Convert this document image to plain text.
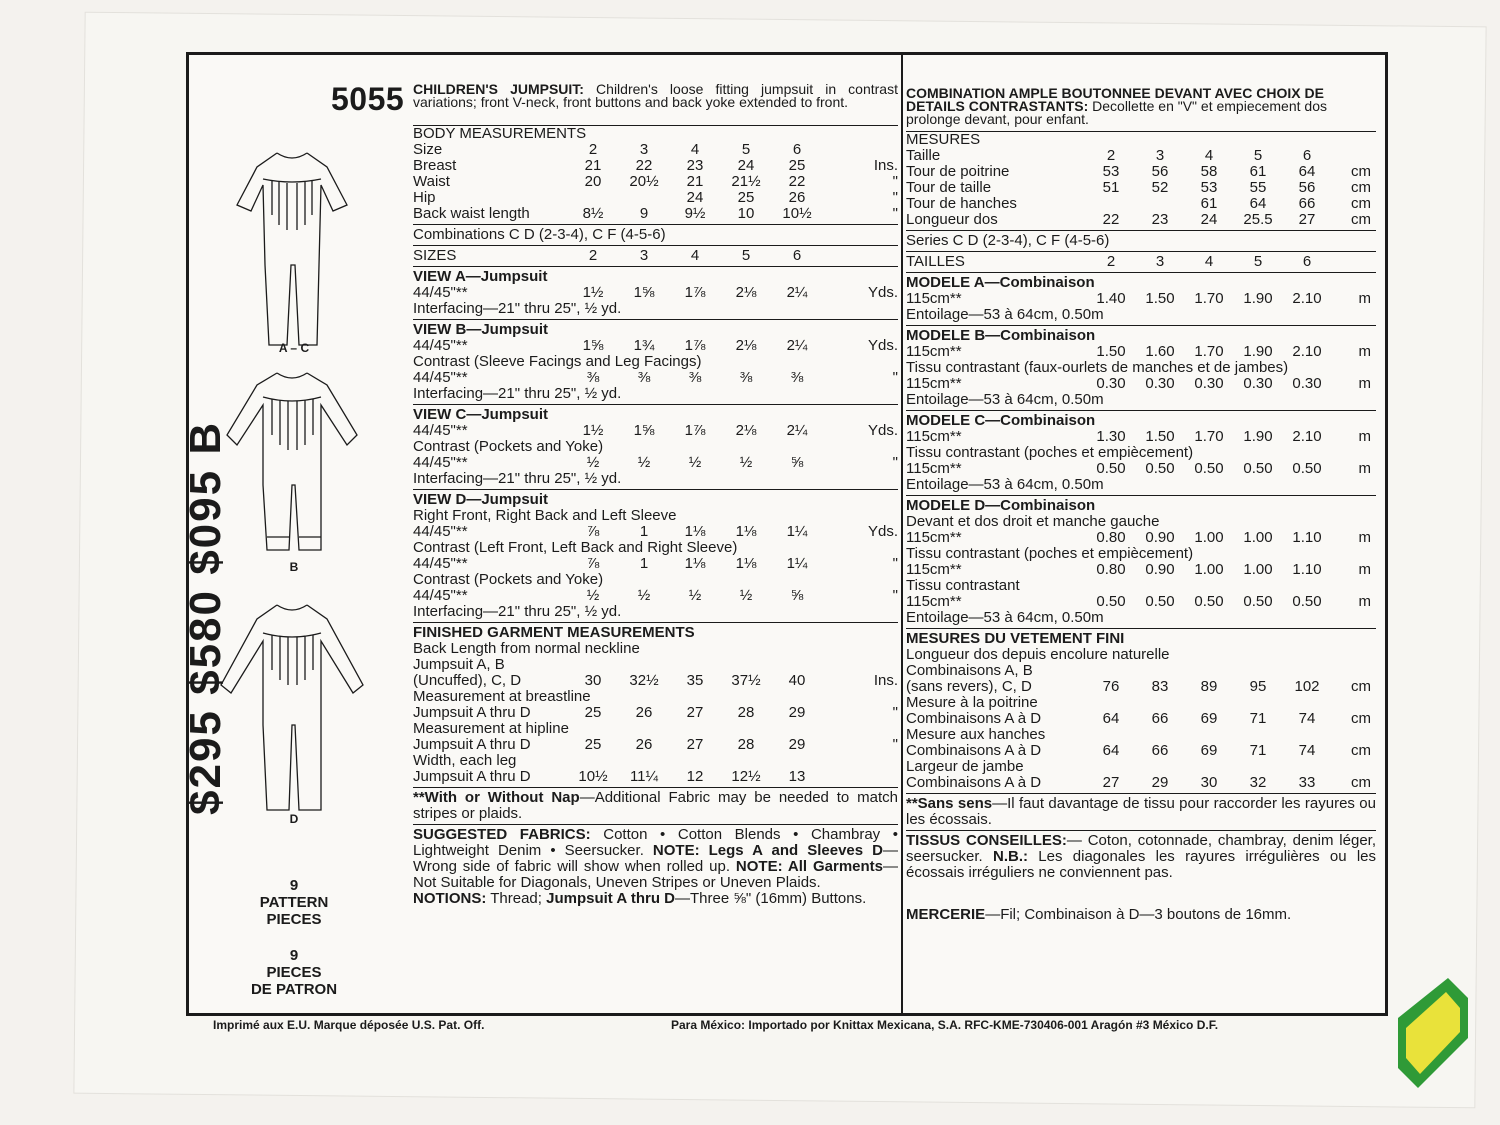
$295 $580 $095 B
A – C
B
D
9
PATTERN
PIECES
9
PIECES
DE PATRON
5055 CHILDREN'S JUMPSUIT: Children's loose fitting jumpsuit in contrast variations; front V-neck, front buttons and back yoke extended to front.
BODY MEASUREMENTS
Size	2	3	4	5	6
Breast	21	22	23	24	25	Ins.
Waist	20	20½	21	21½	22	"
Hip	24	25	26	"
Back waist length	8½	9	9½	10	10½	"
Combinations C D (2-3-4), C F (4-5-6)
SIZES	2	3	4	5	6
VIEW A—Jumpsuit
44/45"**	1½	1⅝	1⅞	2⅛	2¼	Yds.
Interfacing—21" thru 25", ½ yd.
VIEW B—Jumpsuit
44/45"**	1⅝	1¾	1⅞	2⅛	2¼	Yds.
Contrast (Sleeve Facings and Leg Facings)
44/45"**	⅜	⅜	⅜	⅜	⅜	"
Interfacing—21" thru 25", ½ yd.
VIEW C—Jumpsuit
44/45"**	1½	1⅝	1⅞	2⅛	2¼	Yds.
Contrast (Pockets and Yoke)
44/45"**	½	½	½	½	⅝	"
Interfacing—21" thru 25", ½ yd.
VIEW D—Jumpsuit
Right Front, Right Back and Left Sleeve
44/45"**	⅞	1	1⅛	1⅛	1¼	Yds.
Contrast (Left Front, Left Back and Right Sleeve)
44/45"**	⅞	1	1⅛	1⅛	1¼	"
Contrast (Pockets and Yoke)
44/45"**	½	½	½	½	⅝	"
Interfacing—21" thru 25", ½ yd.
FINISHED GARMENT MEASUREMENTS
Back Length from normal neckline
Jumpsuit A, B
(Uncuffed), C, D	30	32½	35	37½	40	Ins.
Measurement at breastline
Jumpsuit A thru D	25	26	27	28	29	"
Measurement at hipline
Jumpsuit A thru D	25	26	27	28	29	"
Width, each leg
Jumpsuit A thru D	10½	11¼	12	12½	13
**With or Without Nap—Additional Fabric may be needed to match stripes or plaids.
SUGGESTED FABRICS: Cotton • Cotton Blends • Chambray • Lightweight Denim • Seersucker. NOTE: Legs A and Sleeves D— Wrong side of fabric will show when rolled up. NOTE: All Garments—Not Suitable for Diagonals, Uneven Stripes or Uneven Plaids.
NOTIONS: Thread; Jumpsuit A thru D—Three ⅝" (16mm) Buttons.
COMBINATION AMPLE BOUTONNEE DEVANT AVEC CHOIX DE DETAILS CONTRASTANTS: Decollette en "V" et empiecement dos prolonge devant, pour enfant.
MESURES
Taille	2	3	4	5	6
Tour de poitrine	53	56	58	61	64	cm
Tour de taille	51	52	53	55	56	cm
Tour de hanches	61	64	66	cm
Longueur dos	22	23	24	25.5	27	cm
Series C D (2-3-4), C F (4-5-6)
TAILLES	2	3	4	5	6
MODELE A—Combinaison
115cm**	1.40	1.50	1.70	1.90	2.10	m
Entoilage—53 à 64cm, 0.50m
MODELE B—Combinaison
115cm**	1.50	1.60	1.70	1.90	2.10	m
Tissu contrastant (faux-ourlets de manches et de jambes)
115cm**	0.30	0.30	0.30	0.30	0.30	m
Entoilage—53 à 64cm, 0.50m
MODELE C—Combinaison
115cm**	1.30	1.50	1.70	1.90	2.10	m
Tissu contrastant (poches et empiècement)
115cm**	0.50	0.50	0.50	0.50	0.50	m
Entoilage—53 à 64cm, 0.50m
MODELE D—Combinaison
Devant et dos droit et manche gauche
115cm**	0.80	0.90	1.00	1.00	1.10	m
Tissu contrastant (poches et empiècement)
115cm**	0.80	0.90	1.00	1.00	1.10	m
Tissu contrastant
115cm**	0.50	0.50	0.50	0.50	0.50	m
Entoilage—53 à 64cm, 0.50m
MESURES DU VETEMENT FINI
Longueur dos depuis encolure naturelle
Combinaisons A, B
(sans revers), C, D	76	83	89	95	102	cm
Mesure à la poitrine
Combinaisons A à D	64	66	69	71	74	cm
Mesure aux hanches
Combinaisons A à D	64	66	69	71	74	cm
Largeur de jambe
Combinaisons A à D	27	29	30	32	33	cm
**Sans sens—Il faut davantage de tissu pour raccorder les rayures ou les écossais.
TISSUS CONSEILLES:— Coton, cotonnade, chambray, denim léger, seersucker. N.B.: Les diagonales les rayures irrégulières ou les écossais irréguliers ne conviennent pas.
MERCERIE—Fil; Combinaison à D—3 boutons de 16mm.
Imprimé aux E.U. Marque déposée U.S. Pat. Off.	Para México: Importado por Knittax Mexicana, S.A. RFC-KME-730406-001 Aragón #3 México D.F.
